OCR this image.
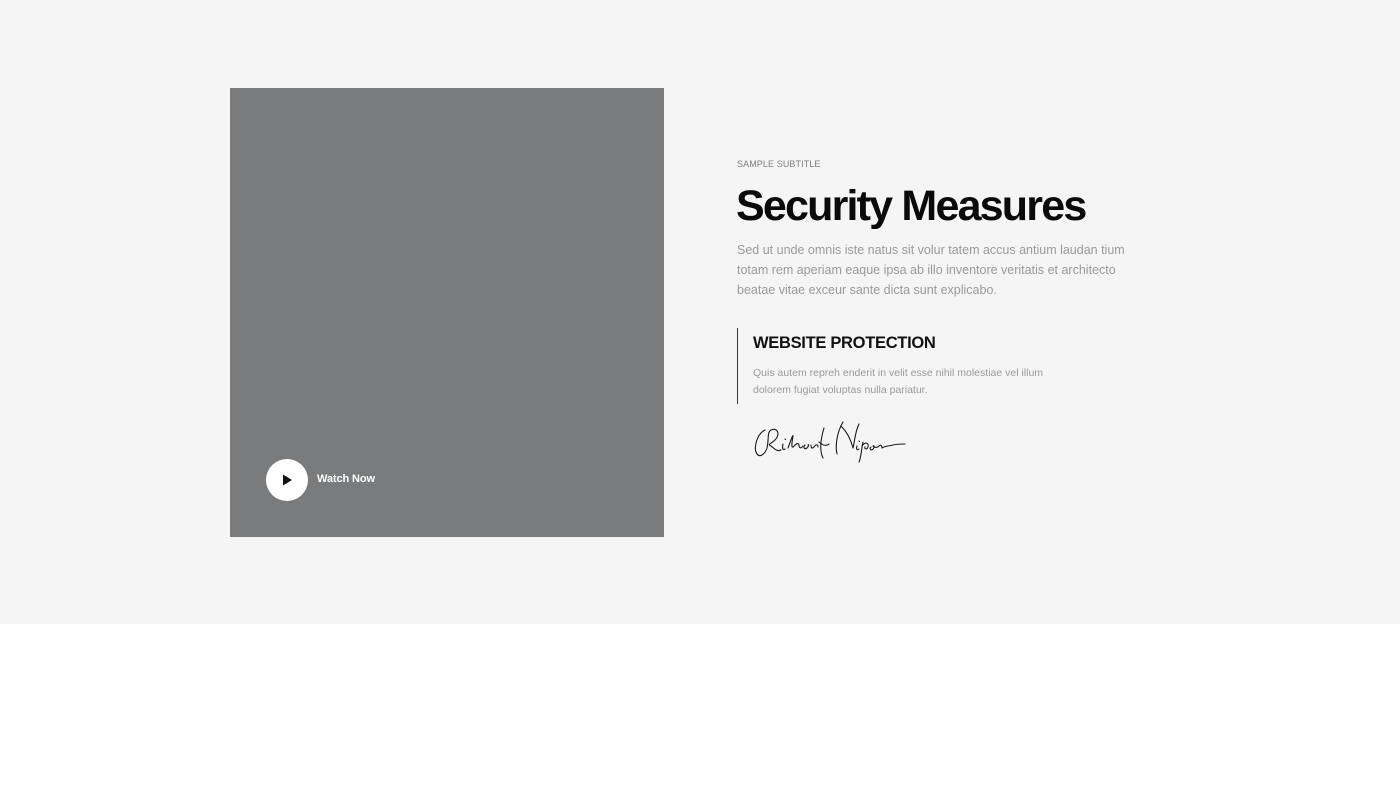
Watch Now
SAMPLE SUBTITLE
Security Measures

Sed ut unde omnis iste natus sit volur tatem accus antium laudan tium totam rem aperiam eaque ipsa ab illo inventore veritatis et architecto beatae vitae exceur sante dicta sunt explicabo.

WEBSITE PROTECTION

Quis autem repreh enderit in velit esse nihil molestiae vel illum dolorem fugiat voluptas nulla pariatur.
